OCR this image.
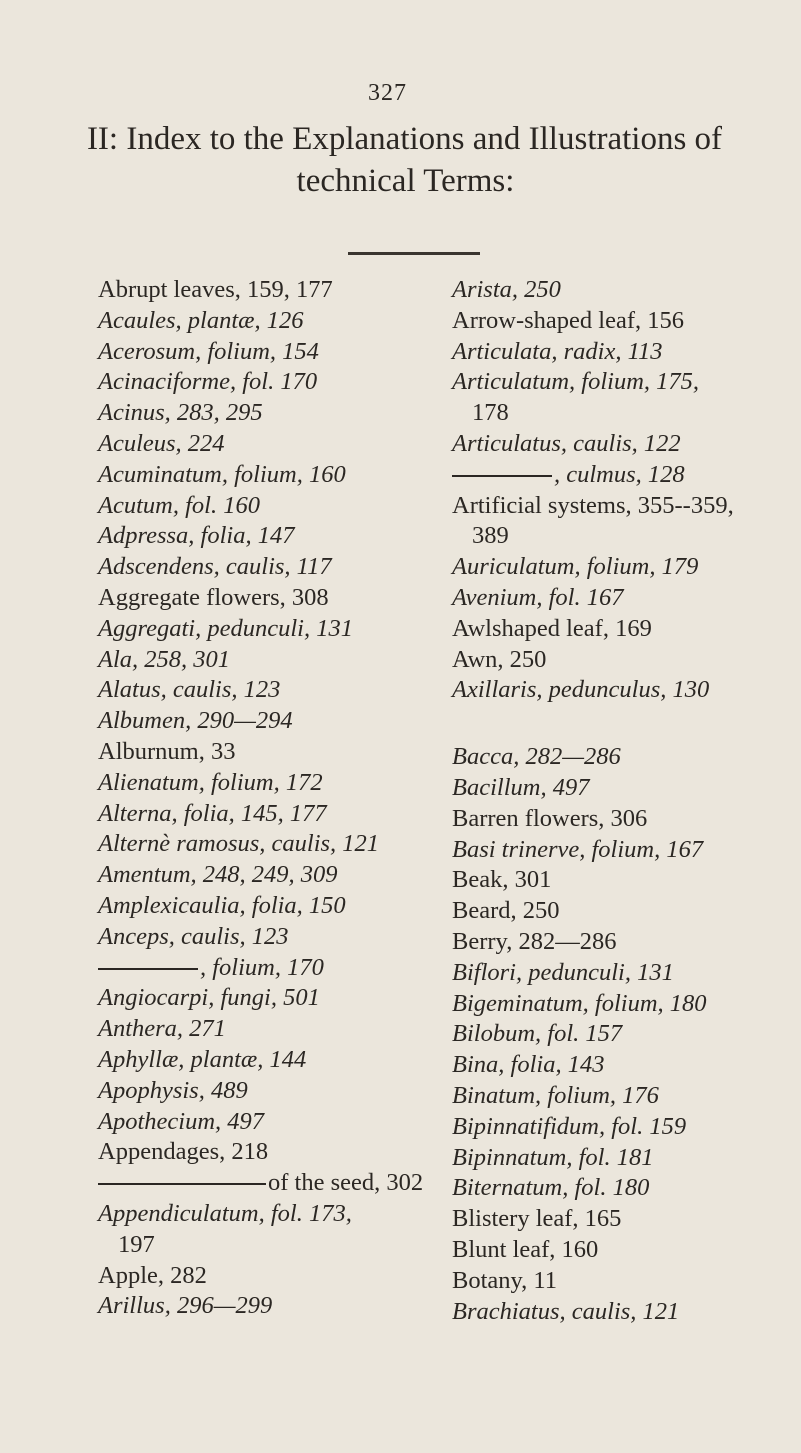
327
II: Index to the Explanations and Illustrations of
technical Terms:
Abrupt leaves, 159, 177
Acaules, plantæ, 126
Acerosum, folium, 154
Acinaciforme, fol. 170
Acinus, 283, 295
Aculeus, 224
Acuminatum, folium, 160
Acutum, fol. 160
Adpressa, folia, 147
Adscendens, caulis, 117
Aggregate flowers, 308
Aggregati, pedunculi, 131
Ala, 258, 301
Alatus, caulis, 123
Albumen, 290—294
Alburnum, 33
Alienatum, folium, 172
Alterna, folia, 145, 177
Alternè ramosus, caulis, 121
Amentum, 248, 249, 309
Amplexicaulia, folia, 150
Anceps, caulis, 123
, folium, 170
Angiocarpi, fungi, 501
Anthera, 271
Aphyllæ, plantæ, 144
Apophysis, 489
Apothecium, 497
Appendages, 218
of the seed, 302
Appendiculatum, fol. 173,
197
Apple, 282
Arillus, 296—299
Arista, 250
Arrow-shaped leaf, 156
Articulata, radix, 113
Articulatum, folium, 175,
178
Articulatus, caulis, 122
, culmus, 128
Artificial systems, 355--359,
389
Auriculatum, folium, 179
Avenium, fol. 167
Awlshaped leaf, 169
Awn, 250
Axillaris, pedunculus, 130
Bacca, 282—286
Bacillum, 497
Barren flowers, 306
Basi trinerve, folium, 167
Beak, 301
Beard, 250
Berry, 282—286
Biflori, pedunculi, 131
Bigeminatum, folium, 180
Bilobum, fol. 157
Bina, folia, 143
Binatum, folium, 176
Bipinnatifidum, fol. 159
Bipinnatum, fol. 181
Biternatum, fol. 180
Blistery leaf, 165
Blunt leaf, 160
Botany, 11
Brachiatus, caulis, 121
